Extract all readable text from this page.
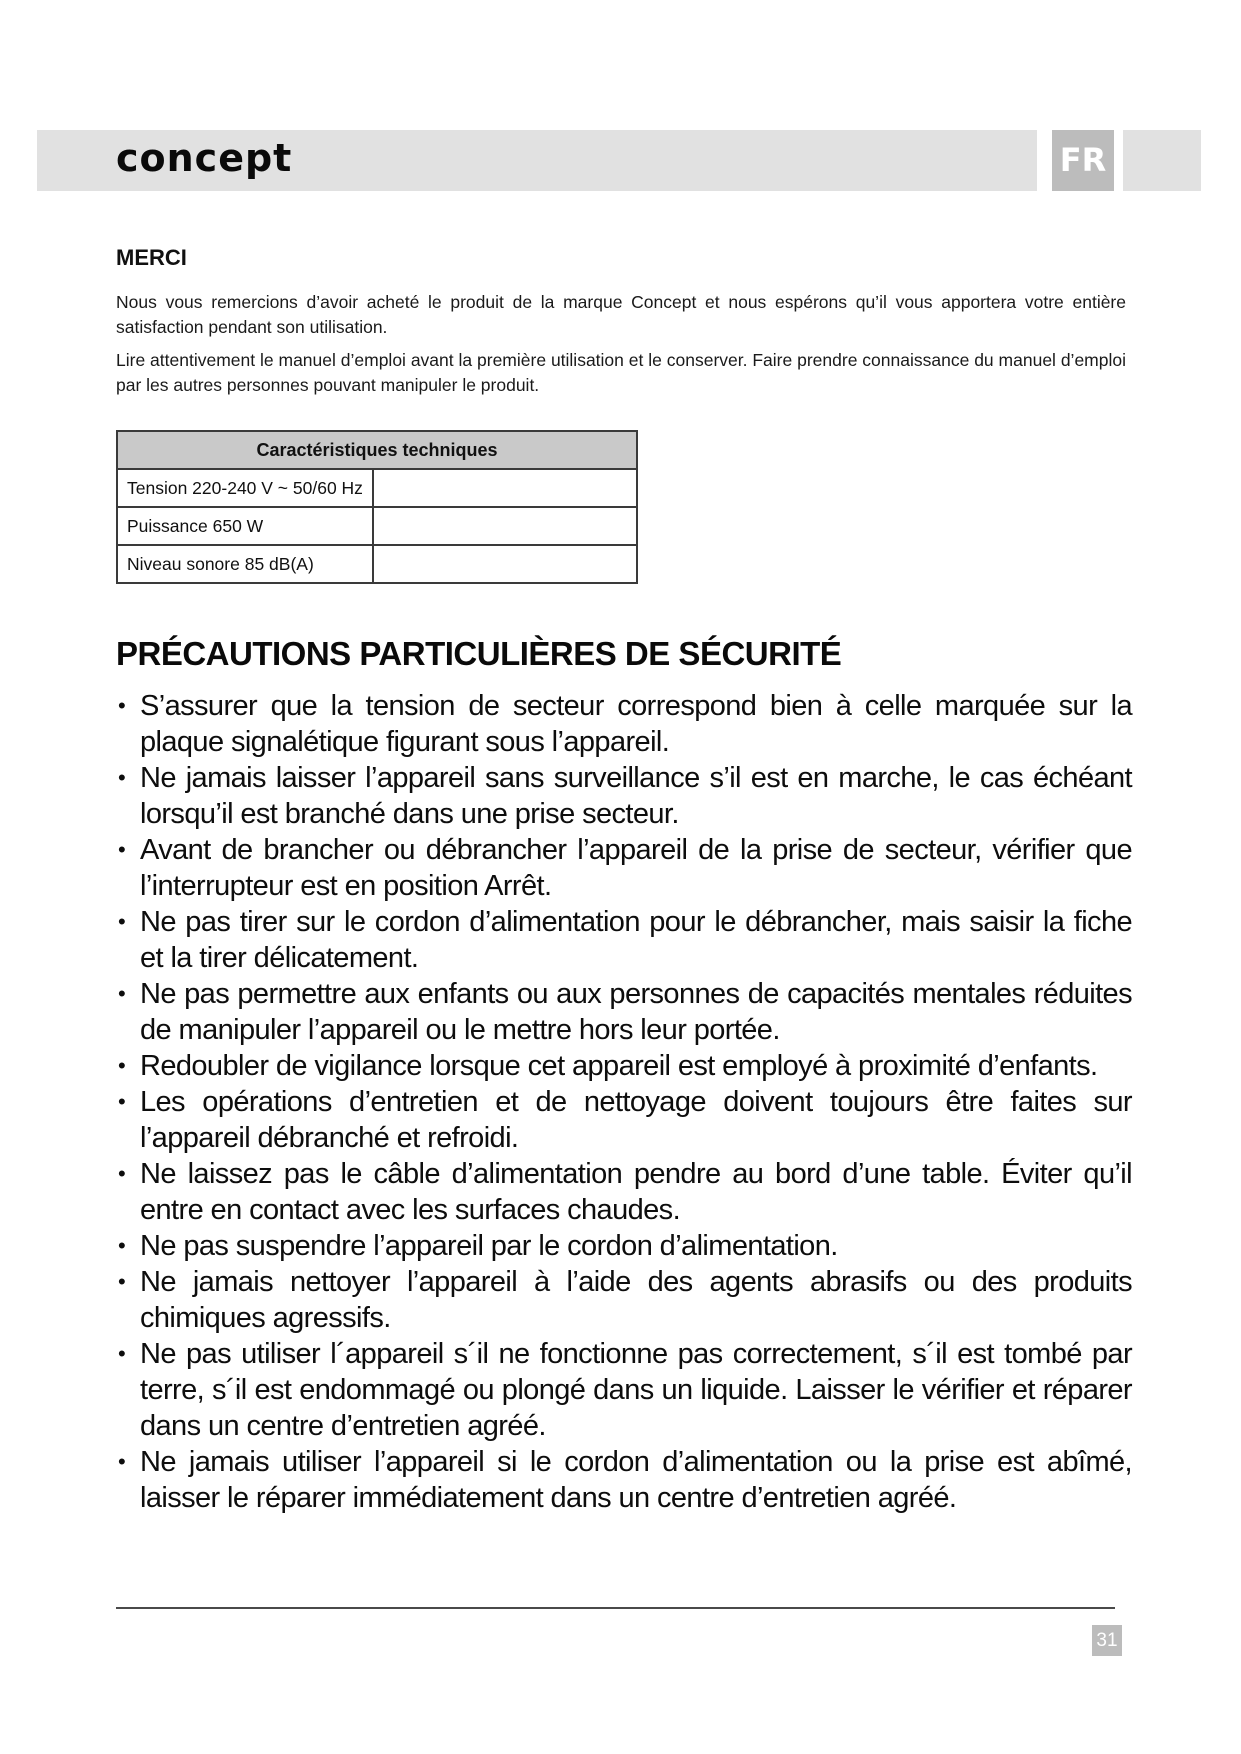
concept	FR
MERCI
Nous vous remercions d’avoir acheté le produit de la marque Concept et nous espérons qu’il vous apportera votre entière satisfaction pendant son utilisation.
Lire attentivement le manuel d’emploi avant la première utilisation et le conserver. Faire prendre connaissance du manuel d’emploi par les autres personnes pouvant manipuler le produit.
Caractéristiques techniques	
Tension 220-240 V ~ 50/60 Hz	
Puissance 650 W	
Niveau sonore 85 dB(A)	
PRÉCAUTIONS PARTICULIÈRES DE SÉCURITÉ
• S’assurer que la tension de secteur correspond bien à celle marquée sur la plaque signalétique figurant sous l’appareil.
• Ne jamais laisser l’appareil sans surveillance s’il est en marche, le cas échéant lorsqu’il est branché dans une prise secteur.
• Avant de brancher ou débrancher l’appareil de la prise de secteur, vérifier que l’interrupteur est en position Arrêt.
• Ne pas tirer sur le cordon d’alimentation pour le débrancher, mais saisir la fiche et la tirer délicatement.
• Ne pas permettre aux enfants ou aux personnes de capacités mentales réduites de manipuler l’appareil ou le mettre hors leur portée.
• Redoubler de vigilance lorsque cet appareil est employé à proximité d’enfants.
• Les opérations d’entretien et de nettoyage doivent toujours être faites sur l’appareil débranché et refroidi.
• Ne laissez pas le câble d’alimentation pendre au bord d’une table. Éviter qu’il entre en contact avec les surfaces chaudes.
• Ne pas suspendre l’appareil par le cordon d’alimentation.
• Ne jamais nettoyer l’appareil à l’aide des agents abrasifs ou des produits chimiques agressifs.
• Ne pas utiliser l´appareil s´il ne fonctionne pas correctement, s´il est tombé par terre, s´il est endommagé ou plongé dans un liquide. Laisser le vérifier et réparer dans un centre d’entretien agréé.
• Ne jamais utiliser l’appareil si le cordon d’alimentation ou la prise est abîmé, laisser le réparer immédiatement dans un centre d’entretien agréé.
31
